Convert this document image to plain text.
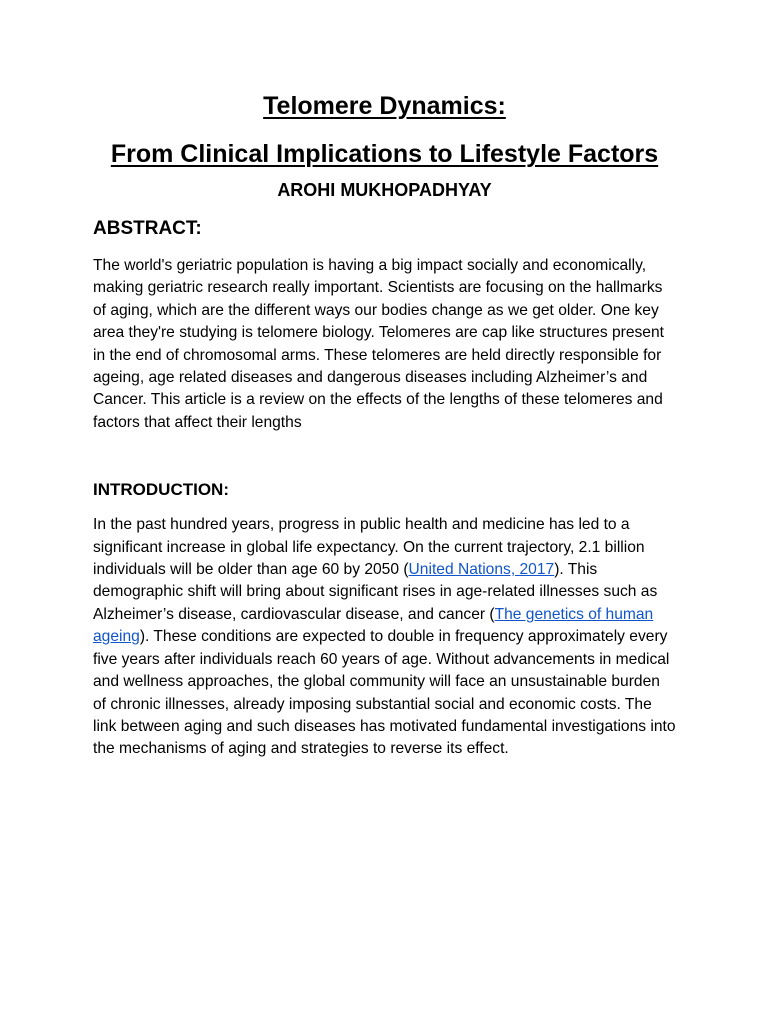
Telomere Dynamics:
From Clinical Implications to Lifestyle Factors
AROHI MUKHOPADHYAY
ABSTRACT:

The world's geriatric population is having a big impact socially and economically, making geriatric research really important. Scientists are focusing on the hallmarks of aging, which are the different ways our bodies change as we get older. One key area they're studying is telomere biology. Telomeres are cap like structures present in the end of chromosomal arms. These telomeres are held directly responsible for ageing, age related diseases and dangerous diseases including Alzheimer’s and Cancer. This article is a review on the effects of the lengths of these telomeres and factors that affect their lengths

INTRODUCTION:

In the past hundred years, progress in public health and medicine has led to a significant increase in global life expectancy. On the current trajectory, 2.1 billion individuals will be older than age 60 by 2050 (United Nations, 2017). This demographic shift will bring about significant rises in age-related illnesses such as Alzheimer’s disease, cardiovascular disease, and cancer (The genetics of human ageing). These conditions are expected to double in frequency approximately every five years after individuals reach 60 years of age. Without advancements in medical and wellness approaches, the global community will face an unsustainable burden of chronic illnesses, already imposing substantial social and economic costs. The link between aging and such diseases has motivated fundamental investigations into the mechanisms of aging and strategies to reverse its effect.
